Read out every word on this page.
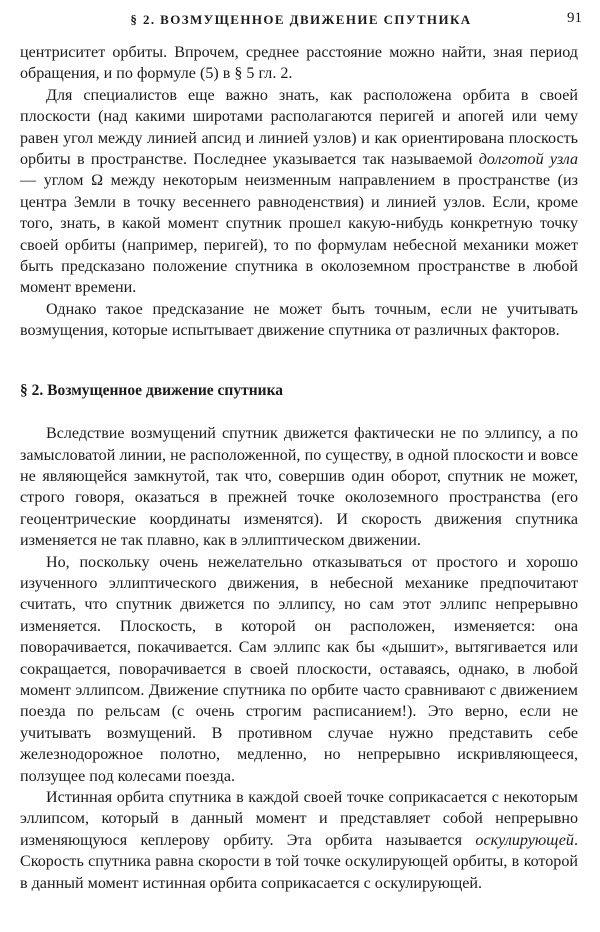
§ 2. ВОЗМУЩЕННОЕ ДВИЖЕНИЕ СПУТНИКА	91

центриситет орбиты. Впрочем, среднее расстояние можно найти, зная период обращения, и по формуле (5) в § 5 гл. 2.

Для специалистов еще важно знать, как расположена орбита в своей плоскости (над какими широтами располагаются перигей и апогей или чему равен угол между линией апсид и линией узлов) и как ориентирована плоскость орбиты в пространстве. Последнее указывается так называемой долготой узла — углом Ω между некоторым неизменным направлением в пространстве (из центра Земли в точку весеннего равноденствия) и линией узлов. Если, кроме того, знать, в какой момент спутник прошел какую-нибудь конкретную точку своей орбиты (например, перигей), то по формулам небесной механики может быть предсказано положение спутника в околоземном пространстве в любой момент времени.

Однако такое предсказание не может быть точным, если не учитывать возмущения, которые испытывает движение спутника от различных факторов.

§ 2. Возмущенное движение спутника

Вследствие возмущений спутник движется фактически не по эллипсу, а по замысловатой линии, не расположенной, по существу, в одной плоскости и вовсе не являющейся замкнутой, так что, совершив один оборот, спутник не может, строго говоря, оказаться в прежней точке околоземного пространства (его геоцентрические координаты изменятся). И скорость движения спутника изменяется не так плавно, как в эллиптическом движении.

Но, поскольку очень нежелательно отказываться от простого и хорошо изученного эллиптического движения, в небесной механике предпочитают считать, что спутник движется по эллипсу, но сам этот эллипс непрерывно изменяется. Плоскость, в которой он расположен, изменяется: она поворачивается, покачивается. Сам эллипс как бы «дышит», вытягивается или сокращается, поворачивается в своей плоскости, оставаясь, однако, в любой момент эллипсом. Движение спутника по орбите часто сравнивают с движением поезда по рельсам (с очень строгим расписанием!). Это верно, если не учитывать возмущений. В противном случае нужно представить себе железнодорожное полотно, медленно, но непрерывно искривляющееся, ползущее под колесами поезда.

Истинная орбита спутника в каждой своей точке соприкасается с некоторым эллипсом, который в данный момент и представляет собой непрерывно изменяющуюся кеплерову орбиту. Эта орбита называется оскулирующей. Скорость спутника равна скорости в той точке оскулирующей орбиты, в которой в данный момент истинная орбита соприкасается с оскулирующей.
